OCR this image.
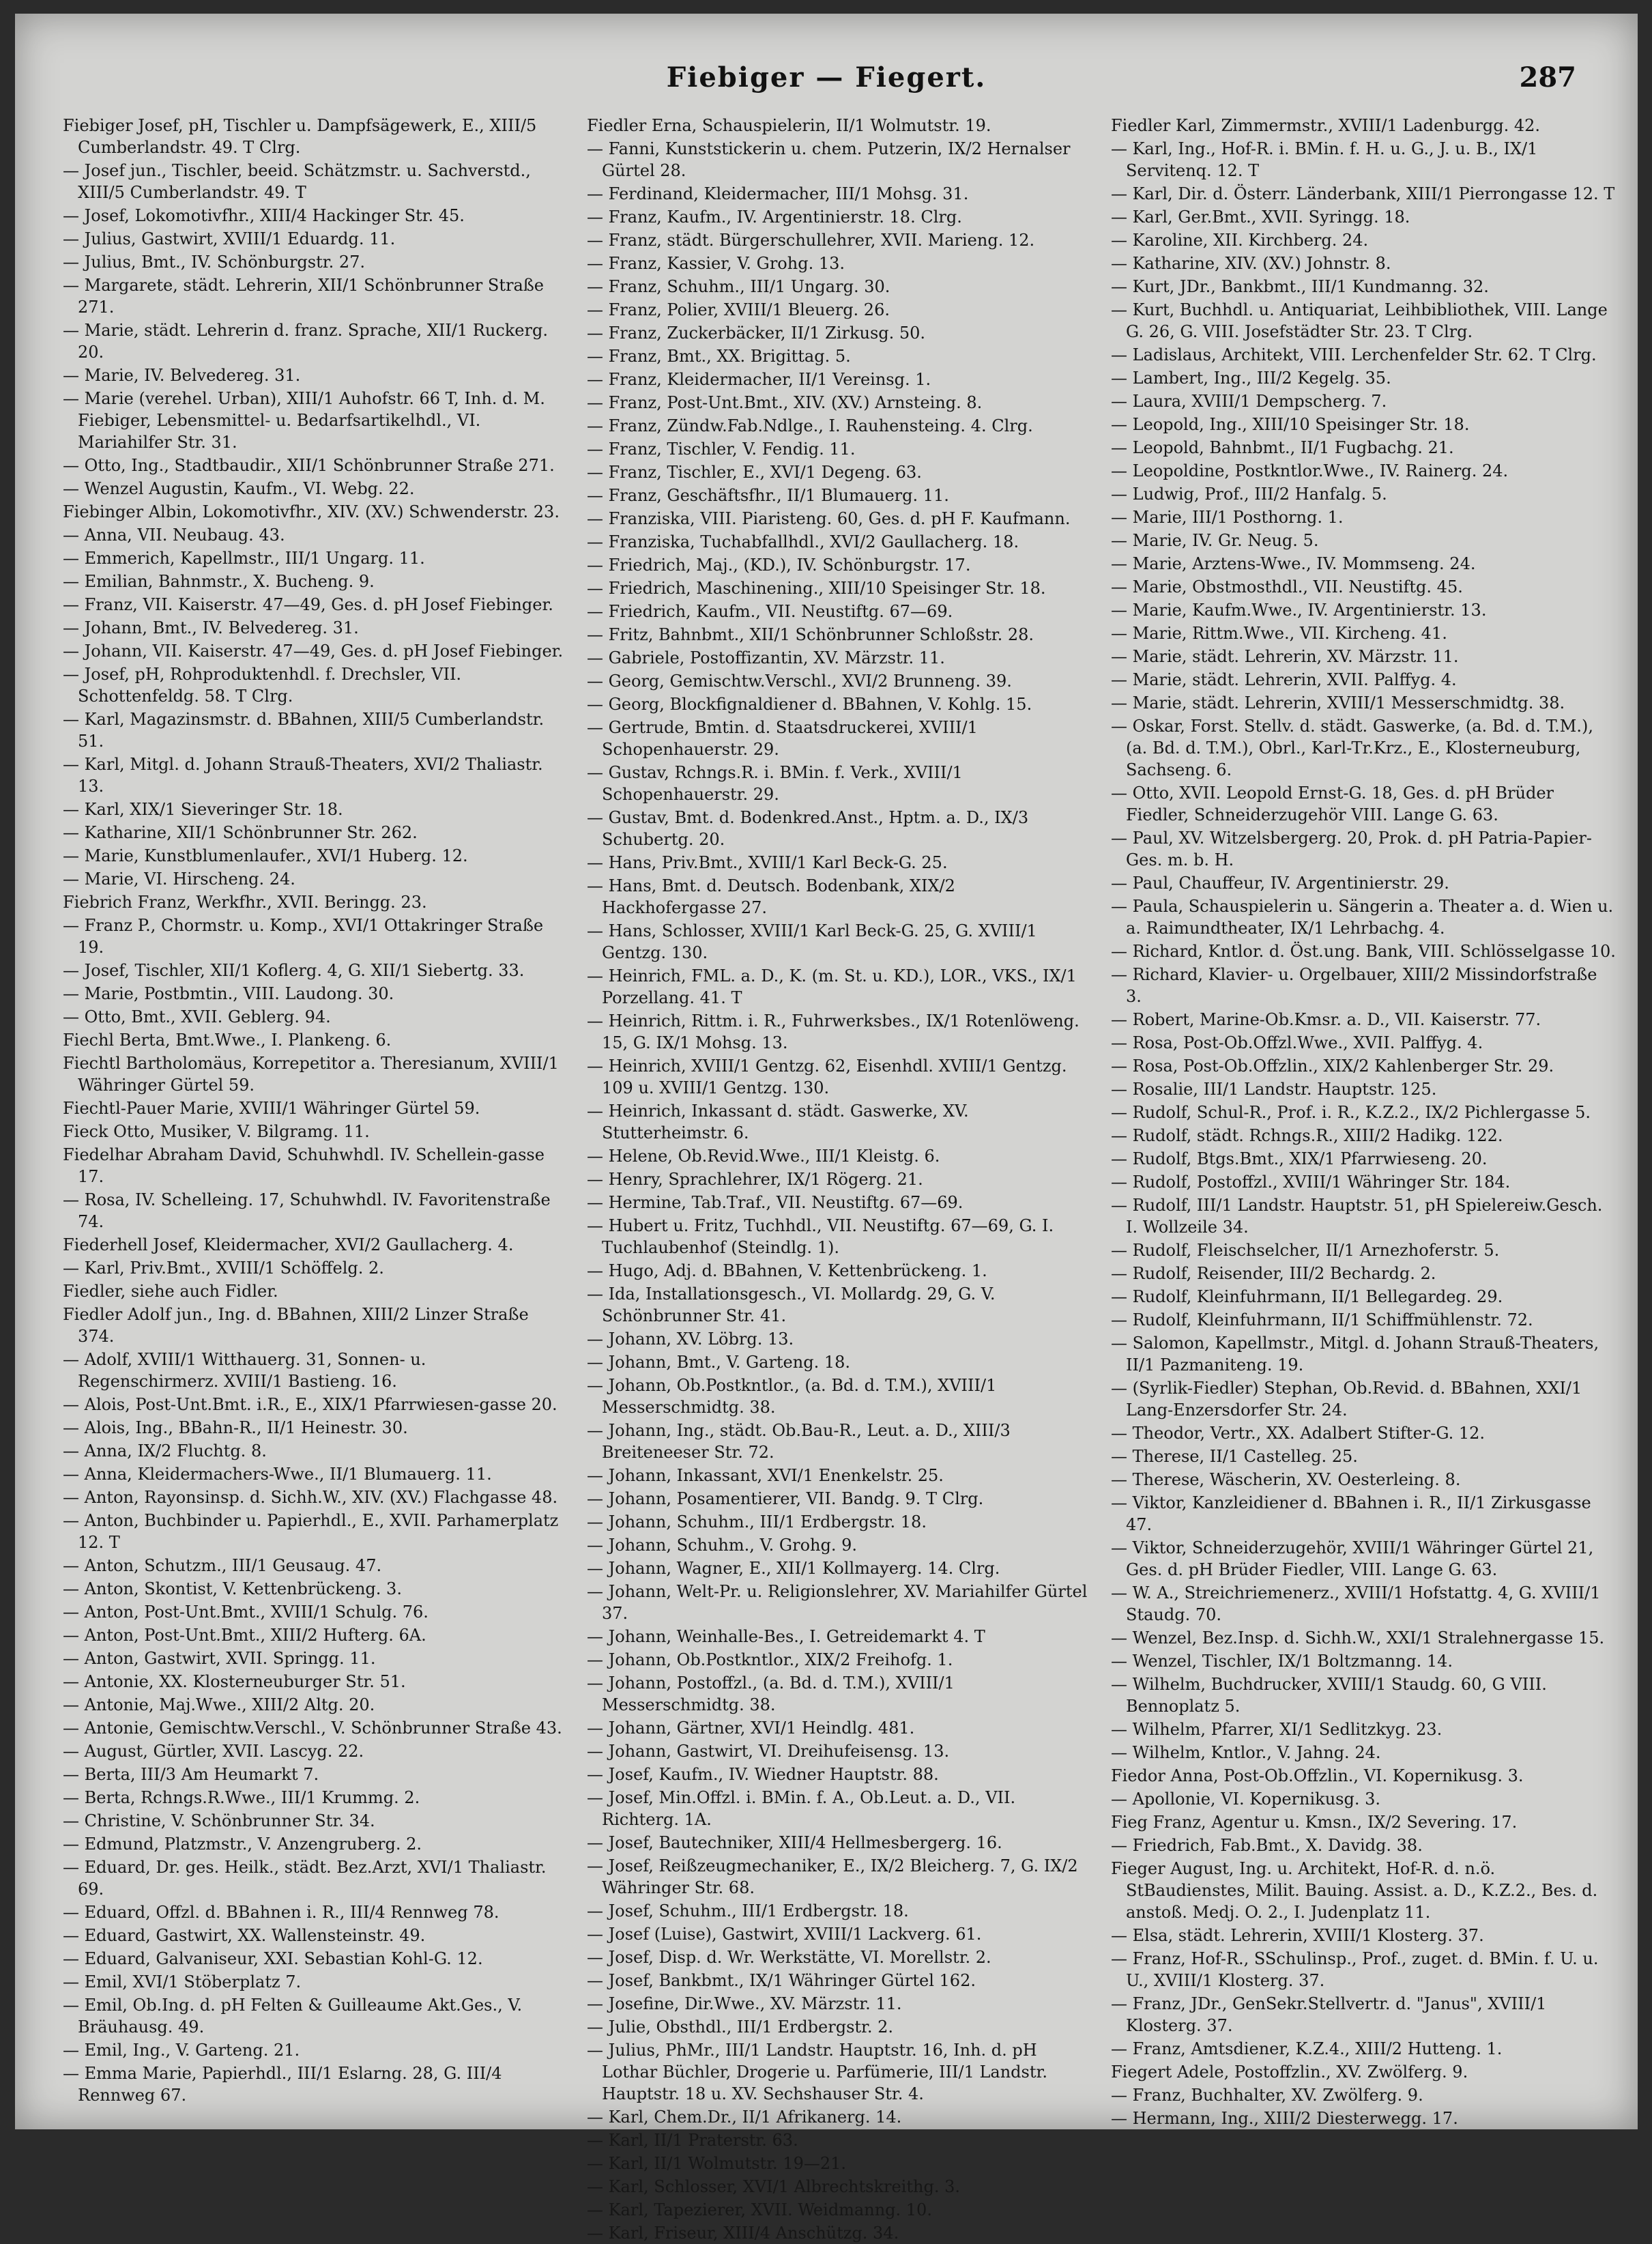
Fiebiger — Fiegert.	287
Fiebiger Josef, pH, Tischler u. Dampfsägewerk, E., XIII/5 Cumberlandstr. 49. T Clrg.
— Josef jun., Tischler, beeid. Schätzmstr. u. Sachverstd., XIII/5 Cumberlandstr. 49. T
— Josef, Lokomotivfhr., XIII/4 Hackinger Str. 45.
— Julius, Gastwirt, XVIII/1 Eduardg. 11.
— Julius, Bmt., IV. Schönburgstr. 27.
— Margarete, städt. Lehrerin, XII/1 Schönbrunner Straße 271.
— Marie, städt. Lehrerin d. franz. Sprache, XII/1 Ruckerg. 20.
— Marie, IV. Belvedereg. 31.
— Marie (verehel. Urban), XIII/1 Auhofstr. 66 T, Inh. d. M. Fiebiger, Lebensmittel- u. Bedarfsartikelhdl., VI. Mariahilfer Str. 31.
— Otto, Ing., Stadtbaudir., XII/1 Schönbrunner Straße 271.
— Wenzel Augustin, Kaufm., VI. Webg. 22.
Fiebinger Albin, Lokomotivfhr., XIV. (XV.) Schwenderstr. 23.
— Anna, VII. Neubaug. 43.
— Emmerich, Kapellmstr., III/1 Ungarg. 11.
— Emilian, Bahnmstr., X. Bucheng. 9.
— Franz, VII. Kaiserstr. 47—49, Ges. d. pH Josef Fiebinger.
— Johann, Bmt., IV. Belvedereg. 31.
— Johann, VII. Kaiserstr. 47—49, Ges. d. pH Josef Fiebinger.
— Josef, pH, Rohproduktenhdl. f. Drechsler, VII. Schottenfeldg. 58. T Clrg.
— Karl, Magazinsmstr. d. BBahnen, XIII/5 Cumberlandstr. 51.
— Karl, Mitgl. d. Johann Strauß-Theaters, XVI/2 Thaliastr. 13.
— Karl, XIX/1 Sieveringer Str. 18.
— Katharine, XII/1 Schönbrunner Str. 262.
— Marie, Kunstblumenlaufer., XVI/1 Huberg. 12.
— Marie, VI. Hirscheng. 24.
Fiebrich Franz, Werkfhr., XVII. Beringg. 23.
— Franz P., Chormstr. u. Komp., XVI/1 Ottakringer Straße 19.
— Josef, Tischler, XII/1 Koflerg. 4, G. XII/1 Siebertg. 33.
— Marie, Postbmtin., VIII. Laudong. 30.
— Otto, Bmt., XVII. Geblerg. 94.
Fiechl Berta, Bmt.Wwe., I. Plankeng. 6.
Fiechtl Bartholomäus, Korrepetitor a. Theresianum, XVIII/1 Währinger Gürtel 59.
Fiechtl-Pauer Marie, XVIII/1 Währinger Gürtel 59.
Fieck Otto, Musiker, V. Bilgramg. 11.
Fiedelhar Abraham David, Schuhwhdl. IV. Schellein-gasse 17.
— Rosa, IV. Schelleing. 17, Schuhwhdl. IV. Favoritenstraße 74.
Fiederhell Josef, Kleidermacher, XVI/2 Gaullacherg. 4.
— Karl, Priv.Bmt., XVIII/1 Schöffelg. 2.
Fiedler, siehe auch Fidler.
Fiedler Adolf jun., Ing. d. BBahnen, XIII/2 Linzer Straße 374.
— Adolf, XVIII/1 Witthauerg. 31, Sonnen- u. Regenschirmerz. XVIII/1 Bastieng. 16.
— Alois, Post-Unt.Bmt. i.R., E., XIX/1 Pfarrwiesen-gasse 20.
— Alois, Ing., BBahn-R., II/1 Heinestr. 30.
— Anna, IX/2 Fluchtg. 8.
— Anna, Kleidermachers-Wwe., II/1 Blumauerg. 11.
— Anton, Rayonsinsp. d. Sichh.W., XIV. (XV.) Flachgasse 48.
— Anton, Buchbinder u. Papierhdl., E., XVII. Parhamerplatz 12. T
— Anton, Schutzm., III/1 Geusaug. 47.
— Anton, Skontist, V. Kettenbrückeng. 3.
— Anton, Post-Unt.Bmt., XVIII/1 Schulg. 76.
— Anton, Post-Unt.Bmt., XIII/2 Hufterg. 6A.
— Anton, Gastwirt, XVII. Springg. 11.
— Antonie, XX. Klosterneuburger Str. 51.
— Antonie, Maj.Wwe., XIII/2 Altg. 20.
— Antonie, Gemischtw.Verschl., V. Schönbrunner Straße 43.
— August, Gürtler, XVII. Lascyg. 22.
— Berta, III/3 Am Heumarkt 7.
— Berta, Rchngs.R.Wwe., III/1 Krummg. 2.
— Christine, V. Schönbrunner Str. 34.
— Edmund, Platzmstr., V. Anzengruberg. 2.
— Eduard, Dr. ges. Heilk., städt. Bez.Arzt, XVI/1 Thaliastr. 69.
— Eduard, Offzl. d. BBahnen i. R., III/4 Rennweg 78.
— Eduard, Gastwirt, XX. Wallensteinstr. 49.
— Eduard, Galvaniseur, XXI. Sebastian Kohl-G. 12.
— Emil, XVI/1 Stöberplatz 7.
— Emil, Ob.Ing. d. pH Felten & Guilleaume Akt.Ges., V. Bräuhausg. 49.
— Emil, Ing., V. Garteng. 21.
— Emma Marie, Papierhdl., III/1 Eslarng. 28, G. III/4 Rennweg 67.
Fiedler Erna, Schauspielerin, II/1 Wolmutstr. 19.
— Fanni, Kunststickerin u. chem. Putzerin, IX/2 Hernalser Gürtel 28.
— Ferdinand, Kleidermacher, III/1 Mohsg. 31.
— Franz, Kaufm., IV. Argentinierstr. 18. Clrg.
— Franz, städt. Bürgerschullehrer, XVII. Marieng. 12.
— Franz, Kassier, V. Grohg. 13.
— Franz, Schuhm., III/1 Ungarg. 30.
— Franz, Polier, XVIII/1 Bleuerg. 26.
— Franz, Zuckerbäcker, II/1 Zirkusg. 50.
— Franz, Bmt., XX. Brigittag. 5.
— Franz, Kleidermacher, II/1 Vereinsg. 1.
— Franz, Post-Unt.Bmt., XIV. (XV.) Arnsteing. 8.
— Franz, Zündw.Fab.Ndlge., I. Rauhensteing. 4. Clrg.
— Franz, Tischler, V. Fendig. 11.
— Franz, Tischler, E., XVI/1 Degeng. 63.
— Franz, Geschäftsfhr., II/1 Blumauerg. 11.
— Franziska, VIII. Piaristeng. 60, Ges. d. pH F. Kaufmann.
— Franziska, Tuchabfallhdl., XVI/2 Gaullacherg. 18.
— Friedrich, Maj., (KD.), IV. Schönburgstr. 17.
— Friedrich, Maschinening., XIII/10 Speisinger Str. 18.
— Friedrich, Kaufm., VII. Neustiftg. 67—69.
— Fritz, Bahnbmt., XII/1 Schönbrunner Schloßstr. 28.
— Gabriele, Postoffizantin, XV. Märzstr. 11.
— Georg, Gemischtw.Verschl., XVI/2 Brunneng. 39.
— Georg, Blockfignaldiener d. BBahnen, V. Kohlg. 15.
— Gertrude, Bmtin. d. Staatsdruckerei, XVIII/1 Schopenhauerstr. 29.
— Gustav, Rchngs.R. i. BMin. f. Verk., XVIII/1 Schopenhauerstr. 29.
— Gustav, Bmt. d. Bodenkred.Anst., Hptm. a. D., IX/3 Schubertg. 20.
— Hans, Priv.Bmt., XVIII/1 Karl Beck-G. 25.
— Hans, Bmt. d. Deutsch. Bodenbank, XIX/2 Hackhofergasse 27.
— Hans, Schlosser, XVIII/1 Karl Beck-G. 25, G. XVIII/1 Gentzg. 130.
— Heinrich, FML. a. D., K. (m. St. u. KD.), LOR., VKS., IX/1 Porzellang. 41. T
— Heinrich, Rittm. i. R., Fuhrwerksbes., IX/1 Rotenlöweng. 15, G. IX/1 Mohsg. 13.
— Heinrich, XVIII/1 Gentzg. 62, Eisenhdl. XVIII/1 Gentzg. 109 u. XVIII/1 Gentzg. 130.
— Heinrich, Inkassant d. städt. Gaswerke, XV. Stutterheimstr. 6.
— Helene, Ob.Revid.Wwe., III/1 Kleistg. 6.
— Henry, Sprachlehrer, IX/1 Rögerg. 21.
— Hermine, Tab.Traf., VII. Neustiftg. 67—69.
— Hubert u. Fritz, Tuchhdl., VII. Neustiftg. 67—69, G. I. Tuchlaubenhof (Steindlg. 1).
— Hugo, Adj. d. BBahnen, V. Kettenbrückeng. 1.
— Ida, Installationsgesch., VI. Mollardg. 29, G. V. Schönbrunner Str. 41.
— Johann, XV. Löbrg. 13.
— Johann, Bmt., V. Garteng. 18.
— Johann, Ob.Postkntlor., (a. Bd. d. T.M.), XVIII/1 Messerschmidtg. 38.
— Johann, Ing., städt. Ob.Bau-R., Leut. a. D., XIII/3 Breiteneeser Str. 72.
— Johann, Inkassant, XVI/1 Enenkelstr. 25.
— Johann, Posamentierer, VII. Bandg. 9. T Clrg.
— Johann, Schuhm., III/1 Erdbergstr. 18.
— Johann, Schuhm., V. Grohg. 9.
— Johann, Wagner, E., XII/1 Kollmayerg. 14. Clrg.
— Johann, Welt-Pr. u. Religionslehrer, XV. Mariahilfer Gürtel 37.
— Johann, Weinhalle-Bes., I. Getreidemarkt 4. T
— Johann, Ob.Postkntlor., XIX/2 Freihofg. 1.
— Johann, Postoffzl., (a. Bd. d. T.M.), XVIII/1 Messerschmidtg. 38.
— Johann, Gärtner, XVI/1 Heindlg. 481.
— Johann, Gastwirt, VI. Dreihufeisensg. 13.
— Josef, Kaufm., IV. Wiedner Hauptstr. 88.
— Josef, Min.Offzl. i. BMin. f. A., Ob.Leut. a. D., VII. Richterg. 1A.
— Josef, Bautechniker, XIII/4 Hellmesbergerg. 16.
— Josef, Reißzeugmechaniker, E., IX/2 Bleicherg. 7, G. IX/2 Währinger Str. 68.
— Josef, Schuhm., III/1 Erdbergstr. 18.
— Josef (Luise), Gastwirt, XVIII/1 Lackverg. 61.
— Josef, Disp. d. Wr. Werkstätte, VI. Morellstr. 2.
— Josef, Bankbmt., IX/1 Währinger Gürtel 162.
— Josefine, Dir.Wwe., XV. Märzstr. 11.
— Julie, Obsthdl., III/1 Erdbergstr. 2.
— Julius, PhMr., III/1 Landstr. Hauptstr. 16, Inh. d. pH Lothar Büchler, Drogerie u. Parfümerie, III/1 Landstr. Hauptstr. 18 u. XV. Sechshauser Str. 4.
— Karl, Chem.Dr., II/1 Afrikanerg. 14.
— Karl, II/1 Praterstr. 63.
— Karl, II/1 Wolmutstr. 19—21.
— Karl, Schlosser, XVI/1 Albrechtskreithg. 3.
— Karl, Tapezierer, XVII. Weidmanng. 10.
— Karl, Friseur, XIII/4 Anschützg. 34.
Fiedler Karl, Zimmermstr., XVIII/1 Ladenburgg. 42.
— Karl, Ing., Hof-R. i. BMin. f. H. u. G., J. u. B., IX/1 Servitenq. 12. T
— Karl, Dir. d. Österr. Länderbank, XIII/1 Pierrongasse 12. T
— Karl, Ger.Bmt., XVII. Syringg. 18.
— Karoline, XII. Kirchberg. 24.
— Katharine, XIV. (XV.) Johnstr. 8.
— Kurt, JDr., Bankbmt., III/1 Kundmanng. 32.
— Kurt, Buchhdl. u. Antiquariat, Leihbibliothek, VIII. Lange G. 26, G. VIII. Josefstädter Str. 23. T Clrg.
— Ladislaus, Architekt, VIII. Lerchenfelder Str. 62. T Clrg.
— Lambert, Ing., III/2 Kegelg. 35.
— Laura, XVIII/1 Dempscherg. 7.
— Leopold, Ing., XIII/10 Speisinger Str. 18.
— Leopold, Bahnbmt., II/1 Fugbachg. 21.
— Leopoldine, Postkntlor.Wwe., IV. Rainerg. 24.
— Ludwig, Prof., III/2 Hanfalg. 5.
— Marie, III/1 Posthorng. 1.
— Marie, IV. Gr. Neug. 5.
— Marie, Arztens-Wwe., IV. Mommseng. 24.
— Marie, Obstmosthdl., VII. Neustiftg. 45.
— Marie, Kaufm.Wwe., IV. Argentinierstr. 13.
— Marie, Rittm.Wwe., VII. Kircheng. 41.
— Marie, städt. Lehrerin, XV. Märzstr. 11.
— Marie, städt. Lehrerin, XVII. Palffyg. 4.
— Marie, städt. Lehrerin, XVIII/1 Messerschmidtg. 38.
— Oskar, Forst. Stellv. d. städt. Gaswerke, (a. Bd. d. T.M.), (a. Bd. d. T.M.), Obrl., Karl-Tr.Krz., E., Klosterneuburg, Sachseng. 6.
— Otto, XVII. Leopold Ernst-G. 18, Ges. d. pH Brüder Fiedler, Schneiderzugehör VIII. Lange G. 63.
— Paul, XV. Witzelsbergerg. 20, Prok. d. pH Patria-Papier-Ges. m. b. H.
— Paul, Chauffeur, IV. Argentinierstr. 29.
— Paula, Schauspielerin u. Sängerin a. Theater a. d. Wien u. a. Raimundtheater, IX/1 Lehrbachg. 4.
— Richard, Kntlor. d. Öst.ung. Bank, VIII. Schlösselgasse 10.
— Richard, Klavier- u. Orgelbauer, XIII/2 Missindorfstraße 3.
— Robert, Marine-Ob.Kmsr. a. D., VII. Kaiserstr. 77.
— Rosa, Post-Ob.Offzl.Wwe., XVII. Palffyg. 4.
— Rosa, Post-Ob.Offzlin., XIX/2 Kahlenberger Str. 29.
— Rosalie, III/1 Landstr. Hauptstr. 125.
— Rudolf, Schul-R., Prof. i. R., K.Z.2., IX/2 Pichlergasse 5.
— Rudolf, städt. Rchngs.R., XIII/2 Hadikg. 122.
— Rudolf, Btgs.Bmt., XIX/1 Pfarrwieseng. 20.
— Rudolf, Postoffzl., XVIII/1 Währinger Str. 184.
— Rudolf, III/1 Landstr. Hauptstr. 51, pH Spielereiw.Gesch. I. Wollzeile 34.
— Rudolf, Fleischselcher, II/1 Arnezhoferstr. 5.
— Rudolf, Reisender, III/2 Bechardg. 2.
— Rudolf, Kleinfuhrmann, II/1 Bellegardeg. 29.
— Rudolf, Kleinfuhrmann, II/1 Schiffmühlenstr. 72.
— Salomon, Kapellmstr., Mitgl. d. Johann Strauß-Theaters, II/1 Pazmaniteng. 19.
— (Syrlik-Fiedler) Stephan, Ob.Revid. d. BBahnen, XXI/1 Lang-Enzersdorfer Str. 24.
— Theodor, Vertr., XX. Adalbert Stifter-G. 12.
— Therese, II/1 Castelleg. 25.
— Therese, Wäscherin, XV. Oesterleing. 8.
— Viktor, Kanzleidiener d. BBahnen i. R., II/1 Zirkusgasse 47.
— Viktor, Schneiderzugehör, XVIII/1 Währinger Gürtel 21, Ges. d. pH Brüder Fiedler, VIII. Lange G. 63.
— W. A., Streichriemenerz., XVIII/1 Hofstattg. 4, G. XVIII/1 Staudg. 70.
— Wenzel, Bez.Insp. d. Sichh.W., XXI/1 Stralehnergasse 15.
— Wenzel, Tischler, IX/1 Boltzmanng. 14.
— Wilhelm, Buchdrucker, XVIII/1 Staudg. 60, G VIII. Bennoplatz 5.
— Wilhelm, Pfarrer, XI/1 Sedlitzkyg. 23.
— Wilhelm, Kntlor., V. Jahng. 24.
Fiedor Anna, Post-Ob.Offzlin., VI. Kopernikusg. 3.
— Apollonie, VI. Kopernikusg. 3.
Fieg Franz, Agentur u. Kmsn., IX/2 Severing. 17.
— Friedrich, Fab.Bmt., X. Davidg. 38.
Fieger August, Ing. u. Architekt, Hof-R. d. n.ö. StBaudienstes, Milit. Bauing. Assist. a. D., K.Z.2., Bes. d. anstoß. Medj. O. 2., I. Judenplatz 11.
— Elsa, städt. Lehrerin, XVIII/1 Klosterg. 37.
— Franz, Hof-R., SSchulinsp., Prof., zuget. d. BMin. f. U. u. U., XVIII/1 Klosterg. 37.
— Franz, JDr., GenSekr.Stellvertr. d. "Janus", XVIII/1 Klosterg. 37.
— Franz, Amtsdiener, K.Z.4., XIII/2 Hutteng. 1.
Fiegert Adele, Postoffzlin., XV. Zwölferg. 9.
— Franz, Buchhalter, XV. Zwölferg. 9.
— Hermann, Ing., XIII/2 Diesterwegg. 17.
